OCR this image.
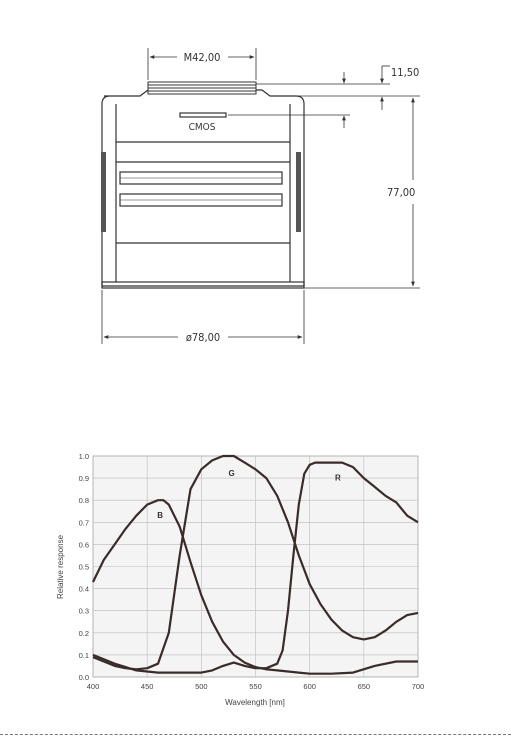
M42,00
11,50
77,00
ø78,00
CMOS
0.0
0.1
0.2
0.3
0.4
0.5
0.6
0.7
0.8
0.9
1.0
400	450	500	550	600	650	700
B
G	R
Wavelength [nm]
Relative response
